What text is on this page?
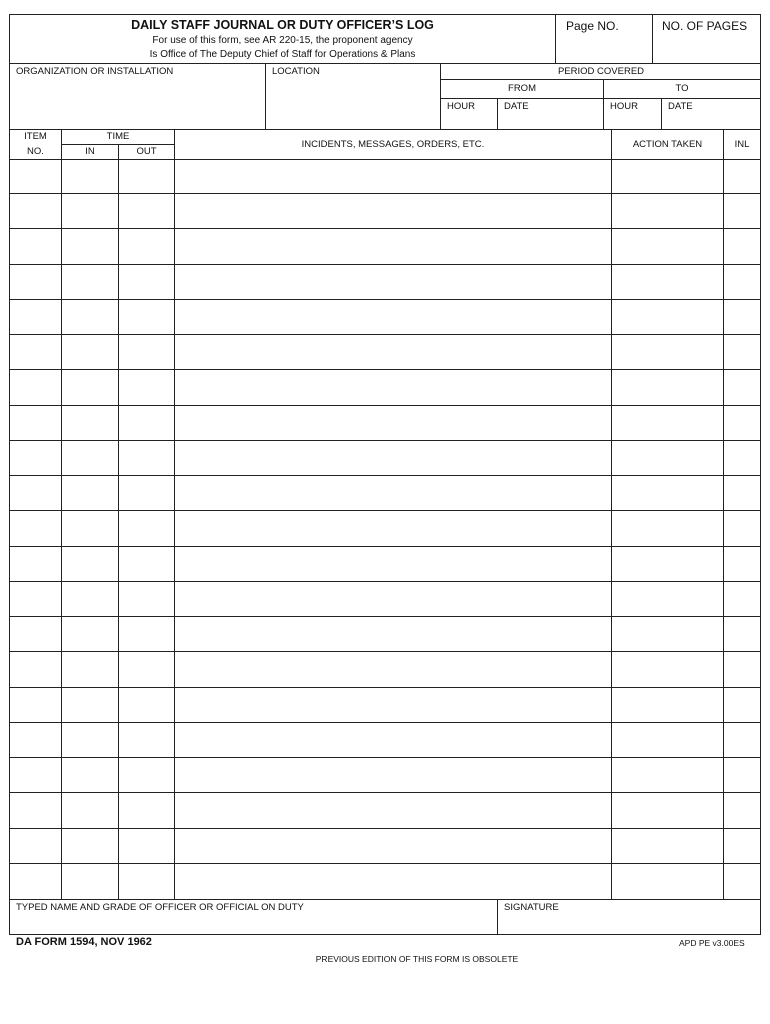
DAILY STAFF JOURNAL OR DUTY OFFICER’S LOG
For use of this form, see AR 220-15, the proponent agency
Is Office of The Deputy Chief of Staff for Operations & Plans
Page NO.	NO. OF PAGES
ORGANIZATION OR INSTALLATION	LOCATION	PERIOD COVERED
FROM	TO
HOUR	DATE	HOUR	DATE
ITEM
NO.
TIME
IN	OUT
INCIDENTS, MESSAGES, ORDERS, ETC.	ACTION TAKEN	INL
TYPED NAME AND GRADE OF OFFICER OR OFFICIAL ON DUTY	SIGNATURE
DA FORM 1594, NOV 1962	APD PE v3.00ES
PREVIOUS EDITION OF THIS FORM IS OBSOLETE
